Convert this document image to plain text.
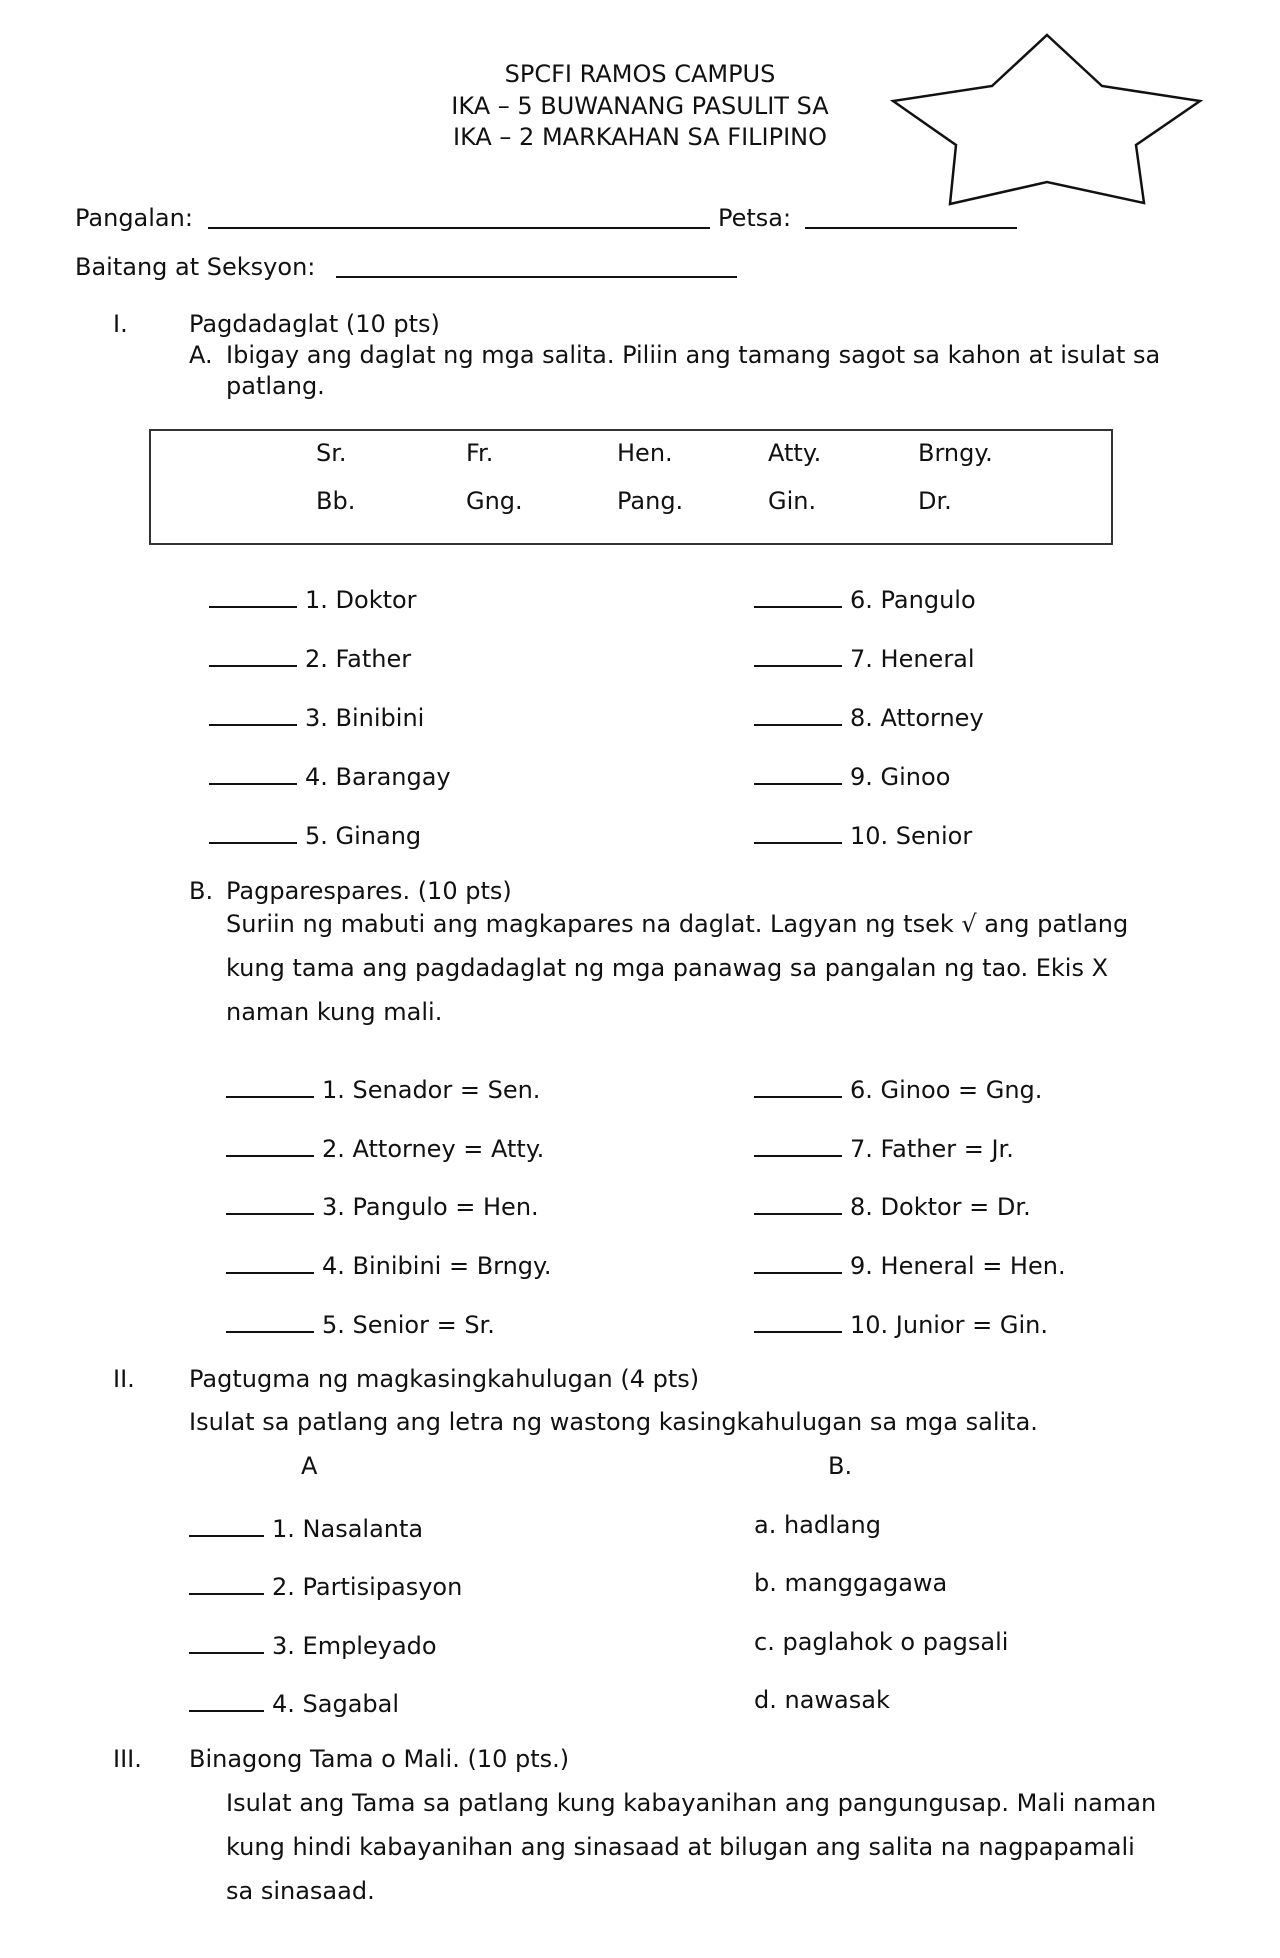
SPCFI RAMOS CAMPUS
IKA – 5 BUWANANG PASULIT SA
IKA – 2 MARKAHAN SA FILIPINO
Pangalan:	Petsa:
Baitang at Seksyon:
I.	Pagdadaglat (10 pts)
A. Ibigay ang daglat ng mga salita. Piliin ang tamang sagot sa kahon at isulat sa
patlang.
Sr.	Fr.	Hen.	Atty.	Brngy.
Bb.	Gng.	Pang.	Gin.	Dr.
1. Doktor
2. Father
3. Binibini
4. Barangay
5. Ginang
6. Pangulo
7. Heneral
8. Attorney
9. Ginoo
10. Senior
B. Pagparespares. (10 pts)
Suriin ng mabuti ang magkapares na daglat. Lagyan ng tsek √ ang patlang
kung tama ang pagdadaglat ng mga panawag sa pangalan ng tao. Ekis X
naman kung mali.
1. Senador = Sen.
2. Attorney = Atty.
3. Pangulo = Hen.
4. Binibini = Brngy.
5. Senior = Sr.
6. Ginoo = Gng.
7. Father = Jr.
8. Doktor = Dr.
9. Heneral = Hen.
10. Junior = Gin.
II. Pagtugma ng magkasingkahulugan (4 pts)
Isulat sa patlang ang letra ng wastong kasingkahulugan sa mga salita.
A	B.
1. Nasalanta
2. Partisipasyon
3. Empleyado
4. Sagabal
a. hadlang
b. manggagawa
c. paglahok o pagsali
d. nawasak
III. Binagong Tama o Mali. (10 pts.)
Isulat ang Tama sa patlang kung kabayanihan ang pangungusap. Mali naman
kung hindi kabayanihan ang sinasaad at bilugan ang salita na nagpapamali
sa sinasaad.
